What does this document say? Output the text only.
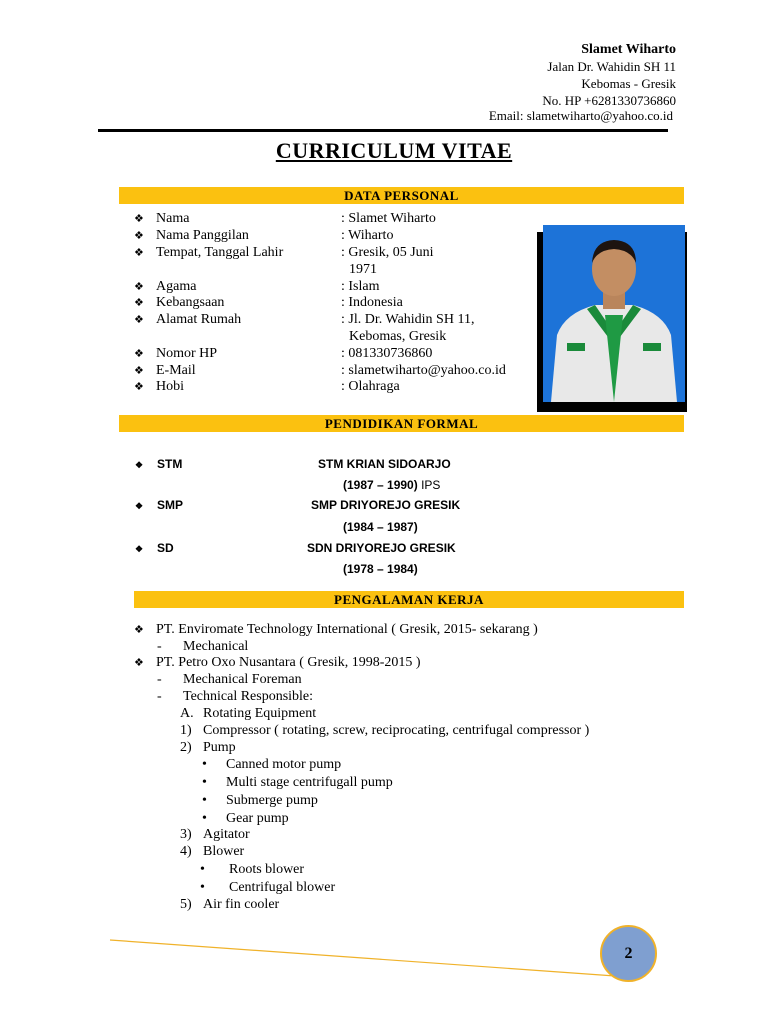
Slamet Wiharto
Jalan Dr. Wahidin SH 11
Kebomas - Gresik
No. HP +6281330736860
Email: slametwiharto@yahoo.co.id
CURRICULUM VITAE
DATA PERSONAL
❖ Nama	: Slamet Wiharto
❖ Nama Panggilan	: Wiharto
❖ Tempat, Tanggal Lahir	: Gresik, 05 Juni
1971
❖ Agama	: Islam
❖ Kebangsaan	: Indonesia
❖ Alamat Rumah	: Jl. Dr. Wahidin SH 11,
Kebomas, Gresik
❖ Nomor HP	: 081330736860
❖ E-Mail	: slametwiharto@yahoo.co.id
❖ Hobi	: Olahraga
PENDIDIKAN FORMAL
❖ STM	STM KRIAN SIDOARJO
(1987 – 1990) IPS
❖ SMP	SMP DRIYOREJO GRESIK
(1984 – 1987)
❖ SD	SDN DRIYOREJO GRESIK
(1978 – 1984)
PENGALAMAN KERJA
❖ PT. Enviromate Technology International ( Gresik, 2015- sekarang )
- Mechanical
❖ PT. Petro Oxo Nusantara ( Gresik, 1998-2015 )
- Mechanical Foreman
- Technical Responsible:
A. Rotating Equipment
1) Compressor ( rotating, screw, reciprocating, centrifugal compressor )
2) Pump
• Canned motor pump
• Multi stage centrifugall pump
• Submerge pump
• Gear pump
3) Agitator
4) Blower
• Roots blower
• Centrifugal blower
5) Air fin cooler
2
